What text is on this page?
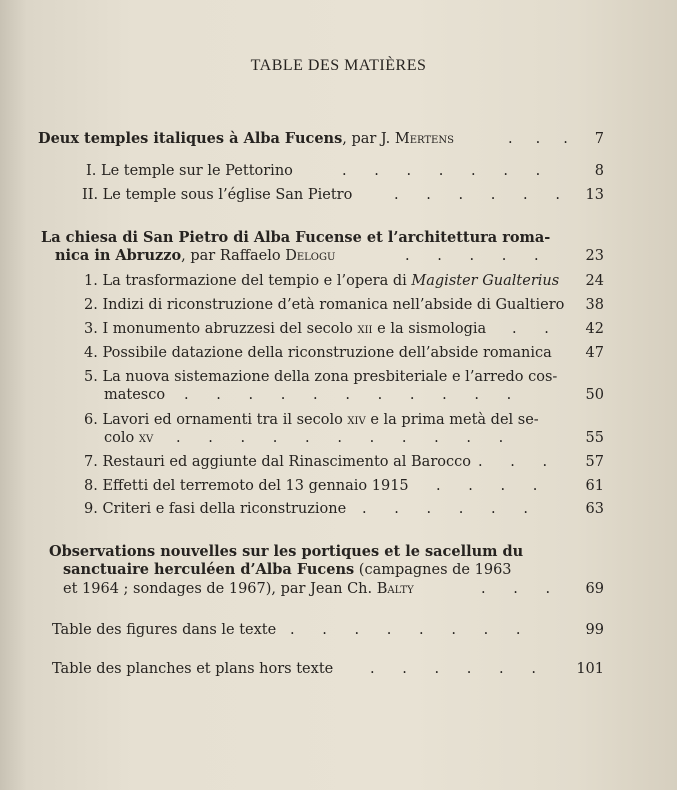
TABLE DES MATIÈRES
Deux temples italiques à Alba Fucens, par J. Mertens	.     .     . 7
I. Le temple sur le Pettorino	.      .      .      .      .      .      .	8
II. Le temple sous l’église San Pietro	.      .      .      .      .      . 13
La chiesa di San Pietro di Alba Fucense et l’architettura roma-
nica in Abruzzo, par Raffaelo Delogu	.      .      .      .      .	23
1. La trasformazione del tempio e l’opera di Magister Gualterius 24
2. Indizi di riconstruzione d’età romanica nell’abside di Gualtiero 38
3. I monumento abruzzesi del secolo xii e la sismologia .      .	42
4. Possibile datazione della riconstruzione dell’abside romanica 47
5. La nuova sistemazione della zona presbiteriale e l’arredo cos-
matesco .      .      .      .      .      .      .      .      .      .      .	50
6. Lavori ed ornamenti tra il secolo xiv e la prima metà del se-
colo xv .      .      .      .      .      .      .      .      .      .      .	55
7. Restauri ed aggiunte dal Rinascimento al Barocco .      .      .	57
8. Effetti del terremoto del 13 gennaio 1915 .      .      .      .	61
9. Criteri e fasi della riconstruzione .      .      .      .      .      .	63
Observations nouvelles sur les portiques et le sacellum du
sanctuaire herculéen d’Alba Fucens (campagnes de 1963
et 1964 ; sondages de 1967), par Jean Ch. Balty	.      .      . 69
Table des figures dans le texte .      .      .      .      .      .      .      .	99
Table des planches et plans hors texte	.      .      .      .      .      .	101
